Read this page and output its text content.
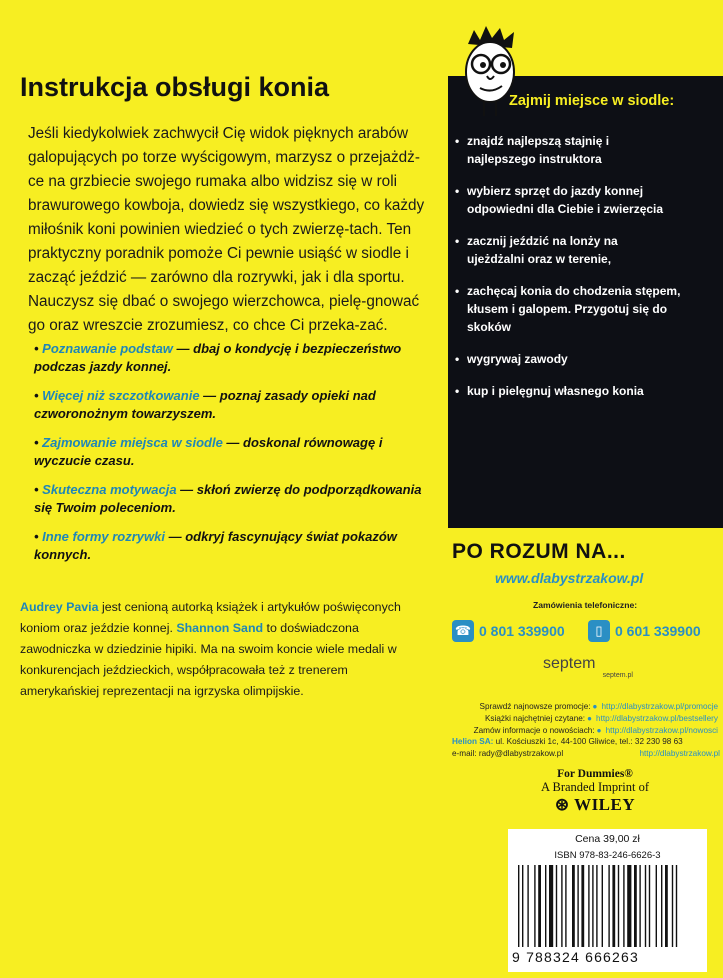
Instrukcja obsługi konia

Jeśli kiedykolwiek zachwycił Cię widok pięknych arabów galopujących po torze wyścigowym, marzysz o przejażdż-ce na grzbiecie swojego rumaka albo widzisz się w roli brawurowego kowboja, dowiedz się wszystkiego, co każdy miłośnik koni powinien wiedzieć o tych zwierzę-tach. Ten praktyczny poradnik pomoże Ci pewnie usiąść w siodle i zacząć jeździć — zarówno dla rozrywki, jak i dla sportu. Nauczysz się dbać o swojego wierzchowca, pielę-gnować go oraz wreszcie zrozumiesz, co chce Ci przeka-zać.

• Poznawanie podstaw — dbaj o kondycję i bezpieczeństwo podczas jazdy konnej.
• Więcej niż szczotkowanie — poznaj zasady opieki nad czworonożnym towarzyszem.
• Zajmowanie miejsca w siodle — doskonal równowagę i wyczucie czasu.
• Skuteczna motywacja — skłoń zwierzę do podporządkowania się Twoim poleceniom.
• Inne formy rozrywki — odkryj fascynujący świat pokazów konnych.

Audrey Pavia jest cenioną autorką książek i artykułów poświęconych koniom oraz jeździe konnej. Shannon Sand to doświadczona zawodniczka w dziedzinie hipiki. Ma na swoim koncie wiele medali w konkurencjach jeździeckich, współpracowała też z trenerem amerykańskiej reprezentacji na igrzyska olimpijskie.

Zajmij miejsce w siodle:
• znajdź najlepszą stajnię i najlepszego instruktora
• wybierz sprzęt do jazdy konnej odpowiedni dla Ciebie i zwierzęcia
• zacznij jeździć na lonży na ujeżdżalni oraz w terenie,
• zachęcaj konia do chodzenia stępem, kłusem i galopem. Przygotuj się do skoków
• wygrywaj zawody
• kup i pielęgnuj własnego konia
PO ROZUM NA...
www.dlabystrzakow.pl
Zamówienia telefoniczne:
☎ 0 801 339900	▯ 0 601 339900
septem
septem.pl
Sprawdź najnowsze promocje: ● http://dlabystrzakow.pl/promocje
Książki najchętniej czytane: ● http://dlabystrzakow.pl/bestsellery
Zamów informacje o nowościach: ● http://dlabystrzakow.pl/nowosci
Helion SA: ul. Kościuszki 1c, 44-100 Gliwice, tel.: 32 230 98 63
e-mail: rady@dlabystrzakow.pl	http://dlabystrzakow.pl
For Dummies®
A Branded Imprint of
⊛ WILEY
Cena 39,00 zł
ISBN 978-83-246-6626-3
9 788324 666263
